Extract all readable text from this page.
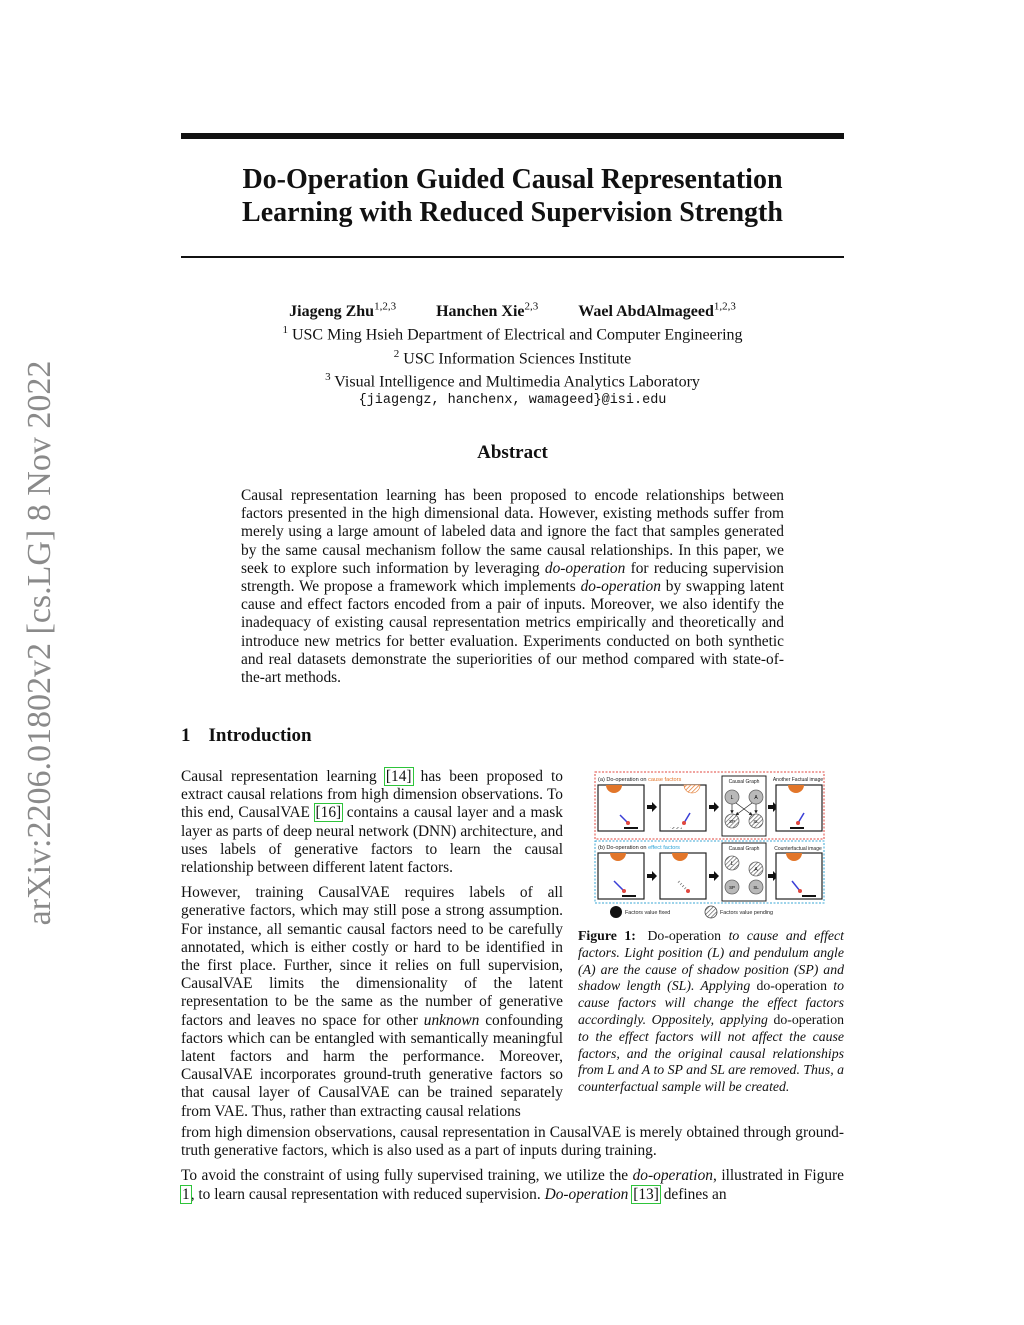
arXiv:2206.01802v2 [cs.LG] 8 Nov 2022
Do-Operation Guided Causal Representation
Learning with Reduced Supervision Strength
Jiageng Zhu$^{1,2,3}$	Hanchen Xie$^{2,3}$	Wael AbdAlmageed$^{1,2,3}$
$^1$ USC Ming Hsieh Department of Electrical and Computer Engineering
$^2$ USC Information Sciences Institute
$^3$ Visual Intelligence and Multimedia Analytics Laboratory
{jiagengz, hanchenx, wamageed}@isi.edu
Abstract

Causal representation learning has been proposed to encode relationships between factors presented in the high dimensional data. However, existing methods suffer from merely using a large amount of labeled data and ignore the fact that samples generated by the same causal mechanism follow the same causal relationships. In this paper, we seek to explore such information by leveraging do-operation for reducing supervision strength. We propose a framework which implements do-operation by swapping latent cause and effect factors encoded from a pair of inputs. Moreover, we also identify the inadequacy of existing causal representation metrics empirically and theoretically and introduce new metrics for better evaluation. Experiments conducted on both synthetic and real datasets demonstrate the superiorities of our method compared with state-of-the-art methods.

1 Introduction

Causal representation learning [14] has been proposed to extract causal relations from high dimension observations. To this end, CausalVAE [16] contains a causal layer and a mask layer as parts of deep neural network (DNN) architecture, and uses labels of generative factors to learn the causal relationship between different latent factors.

However, training CausalVAE requires labels of all generative factors, which may still pose a strong assumption. For instance, all semantic causal factors need to be carefully annotated, which is either costly or hard to be identified in the first place. Further, since it relies on full supervision, CausalVAE limits the dimensionality of the latent representation to be the same as the number of generative factors and leaves no space for other unknown confounding factors which can be entangled with semantically meaningful latent factors and harm the performance. Moreover, CausalVAE incorporates ground-truth generative factors so that causal layer of CausalVAE can be trained separately from VAE. Thus, rather than extracting causal relations

from high dimension observations, causal representation in CausalVAE is merely obtained through ground-truth generative factors, which is also used as a part of inputs during training.

To avoid the constraint of using fully supervised training, we utilize the do-operation, illustrated in Figure 1, to learn causal representation with reduced supervision. Do-operation [13] defines an

(a) Do-operation on cause factors	Causal Graph
L	A
SP	SL
Another Factual image
(b) Do-operation on effect factors	Causal Graph
L
A
SP	SL
Counterfactual image
Factors value fixed	Factors value pending
Figure 1: Do-operation to cause and effect factors. Light position (L) and pendulum angle (A) are the cause of shadow position (SP) and shadow length (SL). Applying do-operation to cause factors will change the effect factors accordingly. Oppositely, applying do-operation to the effect factors will not affect the cause factors, and the original causal relationships from L and A to SP and SL are removed. Thus, a counterfactual sample will be created.
